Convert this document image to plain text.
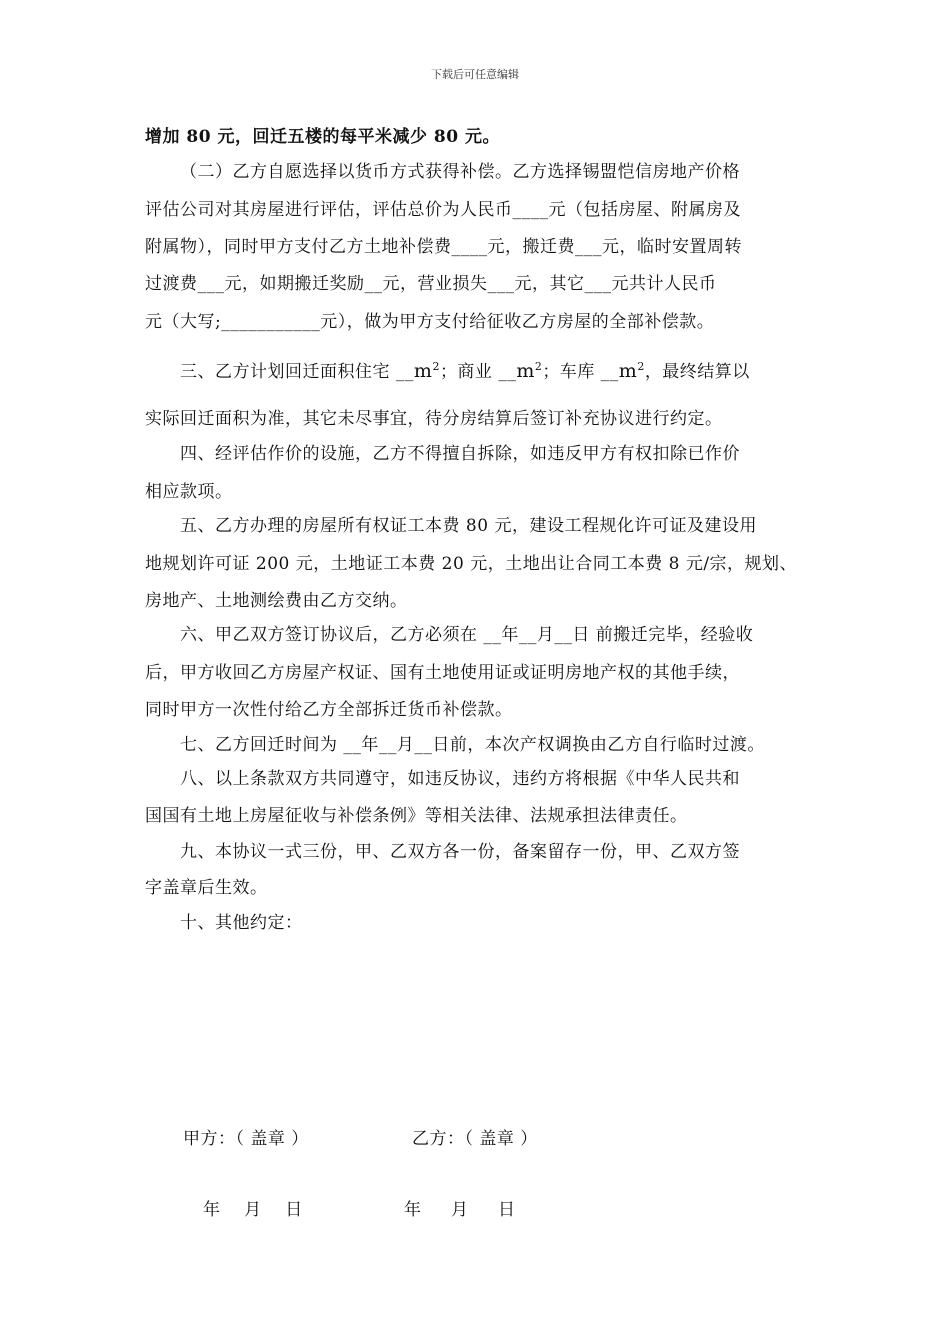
下载后可任意编辑
增加 80 元，回迁五楼的每平米减少 80 元。
（二）乙方自愿选择以货币方式获得补偿。乙方选择锡盟恺信房地产价格
评估公司对其房屋进行评估，评估总价为人民币____元（包括房屋、附属房及
附属物），同时甲方支付乙方土地补偿费____元，搬迁费___元，临时安置周转
过渡费___元，如期搬迁奖励__元，营业损失___元，其它___元共计人民币
元（大写;___________元），做为甲方支付给征收乙方房屋的全部补偿款。
三、乙方计划回迁面积住宅 $\_\_m^2$；商业 $\_\_m^2$；车库 $\_\_m^2$，最终结算以
实际回迁面积为准，其它未尽事宜，待分房结算后签订补充协议进行约定。
四、经评估作价的设施，乙方不得擅自拆除，如违反甲方有权扣除已作价
相应款项。
五、乙方办理的房屋所有权证工本费 80 元，建设工程规化许可证及建设用
地规划许可证 200 元，土地证工本费 20 元，土地出让合同工本费 8 元/宗，规划、
房地产、土地测绘费由乙方交纳。
六、甲乙双方签订协议后，乙方必须在 __年__月__日 前搬迁完毕，经验收
后，甲方收回乙方房屋产权证、国有土地使用证或证明房地产权的其他手续，
同时甲方一次性付给乙方全部拆迁货币补偿款。
七、乙方回迁时间为 __年__月__日前，本次产权调换由乙方自行临时过渡。
八、以上条款双方共同遵守，如违反协议，违约方将根据《中华人民共和
国国有土地上房屋征收与补偿条例》等相关法律、法规承担法律责任。
九、本协议一式三份，甲、乙双方各一份，备案留存一份，甲、乙双方签
字盖章后生效。
十、其他约定：
甲方：（ 盖章 ）	乙方：（ 盖章 ）
年    月    日	年     月     日
